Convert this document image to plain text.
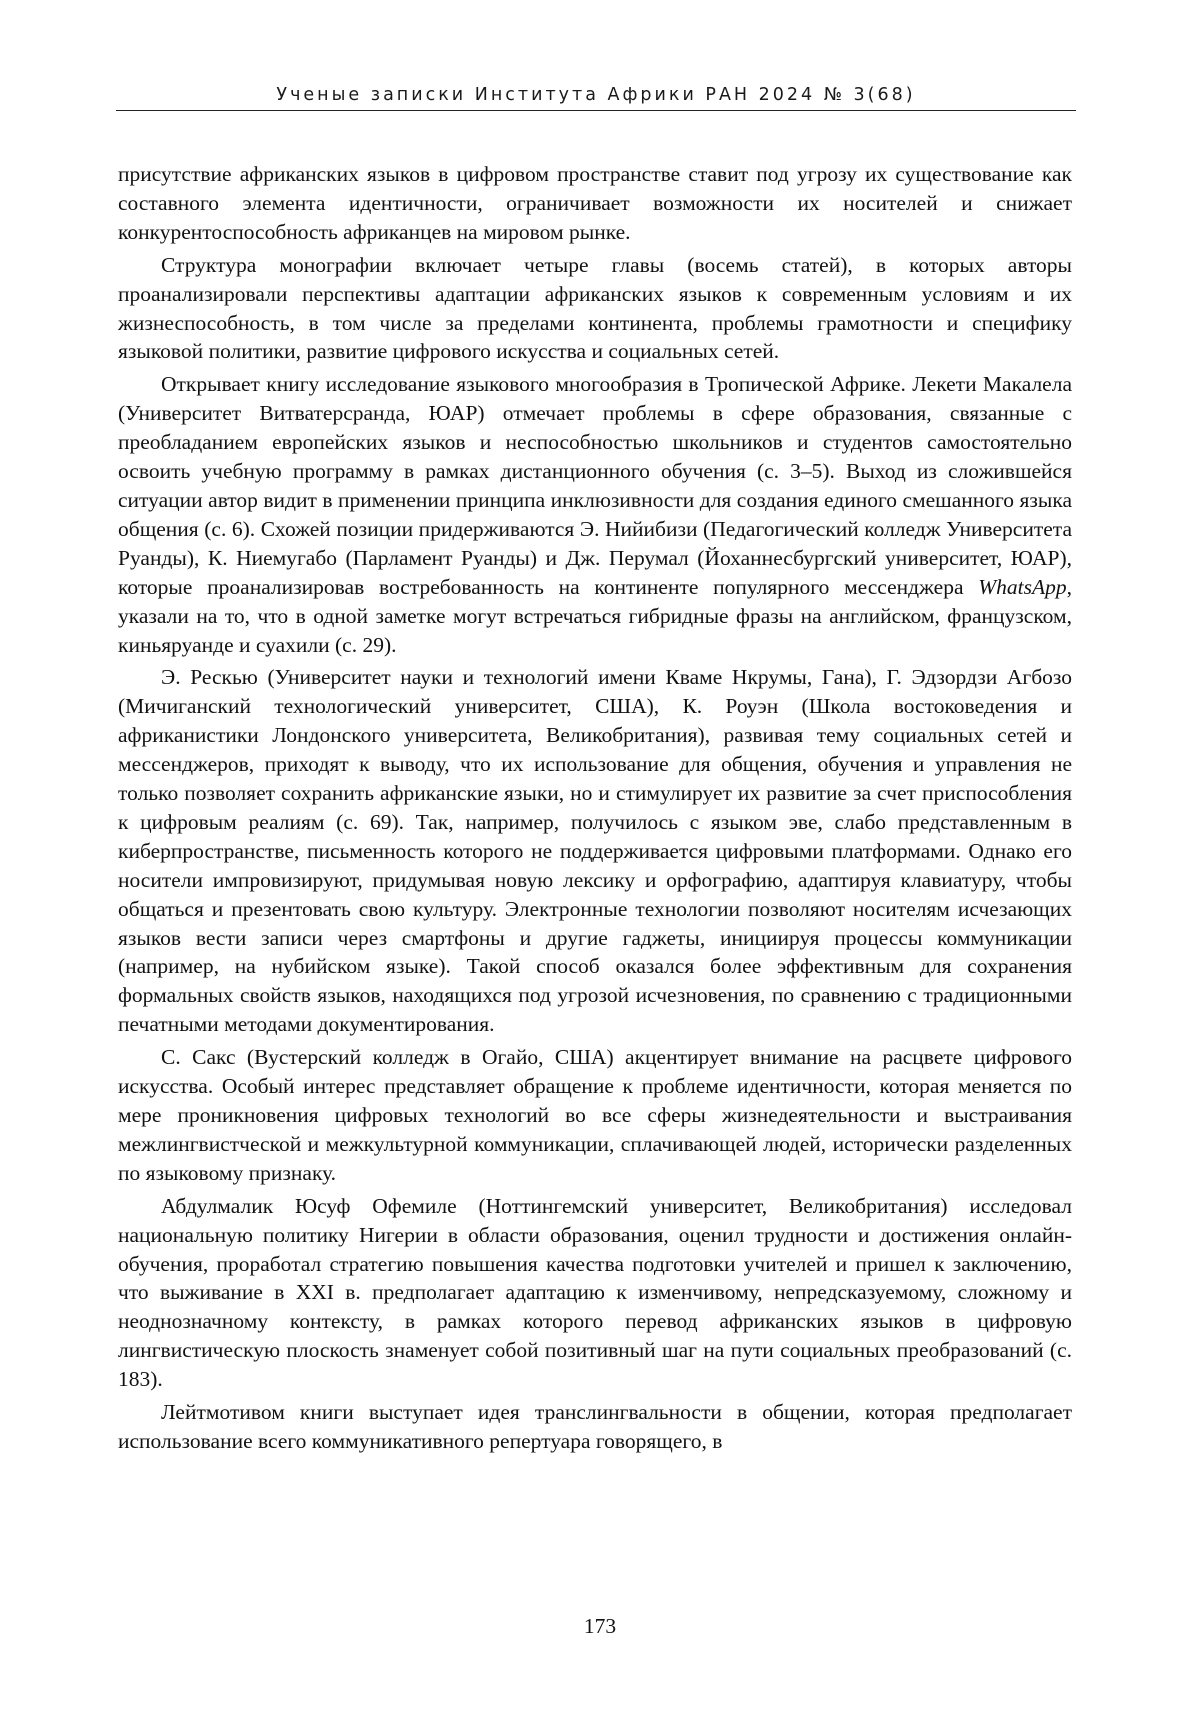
Ученые записки Института Африки РАН 2024 № 3(68)

присутствие африканских языков в цифровом пространстве ставит под угрозу их существование как составного элемента идентичности, ограничивает возможности их носителей и снижает конкурентоспособность африканцев на мировом рынке.

Структура монографии включает четыре главы (восемь статей), в которых авторы проанализировали перспективы адаптации африканских языков к современным условиям и их жизнеспособность, в том числе за пределами континента, проблемы грамотности и специфику языковой политики, развитие цифрового искусства и социальных сетей.

Открывает книгу исследование языкового многообразия в Тропической Африке. Лекети Макалела (Университет Витватерсранда, ЮАР) отмечает проблемы в сфере образования, связанные с преобладанием европейских языков и неспособностью школьников и студентов самостоятельно освоить учебную программу в рамках дистанционного обучения (с. 3–5). Выход из сложившейся ситуации автор видит в применении принципа инклюзивности для создания единого смешанного языка общения (с. 6). Схожей позиции придерживаются Э. Нийибизи (Педагогический колледж Университета Руанды), К. Ниемугабо (Парламент Руанды) и Дж. Перумал (Йоханнесбургский университет, ЮАР), которые проанализировав востребованность на континенте популярного мессенджера WhatsApp, указали на то, что в одной заметке могут встречаться гибридные фразы на английском, французском, киньяруанде и суахили (с. 29).

Э. Рескью (Университет науки и технологий имени Кваме Нкрумы, Гана), Г. Эдзордзи Агбозо (Мичиганский технологический университет, США), К. Роуэн (Школа востоковедения и африканистики Лондонского университета, Великобритания), развивая тему социальных сетей и мессенджеров, приходят к выводу, что их использование для общения, обучения и управления не только позволяет сохранить африканские языки, но и стимулирует их развитие за счет приспособления к цифровым реалиям (с. 69). Так, например, получилось с языком эве, слабо представленным в киберпространстве, письменность которого не поддерживается цифровыми платформами. Однако его носители импровизируют, придумывая новую лексику и орфографию, адаптируя клавиатуру, чтобы общаться и презентовать свою культуру. Электронные технологии позволяют носителям исчезающих языков вести записи через смартфоны и другие гаджеты, инициируя процессы коммуникации (например, на нубийском языке). Такой способ оказался более эффективным для сохранения формальных свойств языков, находящихся под угрозой исчезновения, по сравнению с традиционными печатными методами документирования.

С. Сакс (Вустерский колледж в Огайо, США) акцентирует внимание на расцвете цифрового искусства. Особый интерес представляет обращение к проблеме идентичности, которая меняется по мере проникновения цифровых технологий во все сферы жизнедеятельности и выстраивания межлингвистческой и межкультурной коммуникации, сплачивающей людей, исторически разделенных по языковому признаку.

Абдулмалик Юсуф Офемиле (Ноттингемский университет, Великобритания) исследовал национальную политику Нигерии в области образования, оценил трудности и достижения онлайн-обучения, проработал стратегию повышения качества подготовки учителей и пришел к заключению, что выживание в XXI в. предполагает адаптацию к изменчивому, непредсказуемому, сложному и неоднозначному контексту, в рамках которого перевод африканских языков в цифровую лингвистическую плоскость знаменует собой позитивный шаг на пути социальных преобразований (с. 183).

Лейтмотивом книги выступает идея транслингвальности в общении, которая предполагает использование всего коммуникативного репертуара говорящего, в

173
